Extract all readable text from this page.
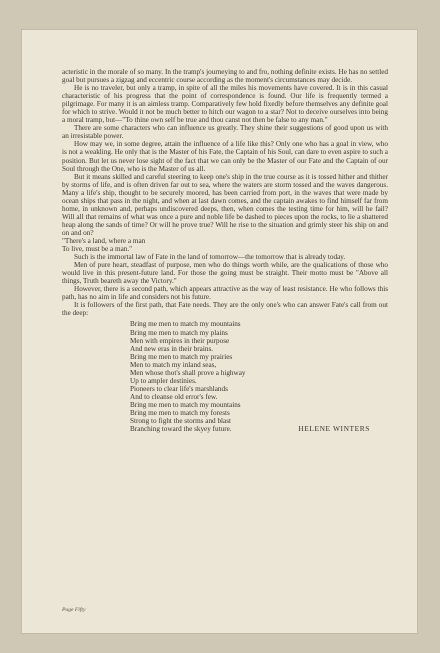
acteristic in the morale of so many. In the tramp's journeying to and fro, nothing definite exists. He has no settled goal but pursues a zigzag and eccentric course according as the moment's circumstances may decide.

He is no traveler, but only a tramp, in spite of all the miles his movements have covered. It is in this casual characteristic of his progress that the point of correspondence is found. Our life is frequently termed a pilgrimage. For many it is an aimless tramp. Comparatively few hold fixedly before themselves any definite goal for which to strive. Would it not be much better to hitch our wagon to a star? Not to deceive ourselves into being a moral tramp, but—"To thine own self be true and thou canst not then be false to any man."

There are some characters who can influence us greatly. They shine their suggestions of good upon us with an irresistable power.

How may we, in some degree, attain the influence of a life like this? Only one who has a goal in view, who is not a weakling. He only that is the Master of his Fate, the Captain of his Soul, can dare to even aspire to such a position. But let us never lose sight of the fact that we can only be the Master of our Fate and the Captain of our Soul through the One, who is the Master of us all.

But it means skilled and careful steering to keep one's ship in the true course as it is tossed hither and thither by storms of life, and is often driven far out to sea, where the waters are storm tossed and the waves dangerous. Many a life's ship, thought to be securely moored, has been carried from port, in the waves that were made by ocean ships that pass in the night, and when at last dawn comes, and the captain awakes to find himself far from home, in unknown and, perhaps undiscovered deeps, then, when comes the testing time for him, will he fail? Will all that remains of what was once a pure and noble life be dashed to pieces upon the rocks, to lie a shattered heap along the sands of time? Or will he prove true? Will he rise to the situation and grimly steer his ship on and on and on?

"There's a land, where a man
To live, must be a man."

Such is the immortal law of Fate in the land of tomorrow—the tomorrow that is already today.

Men of pure heart, steadfast of purpose, men who do things worth while, are the qualications of those who would live in this present-future land. For those the going must be straight. Their motto must be "Above all things, Truth beareth away the Victory."

However, there is a second path, which appears attractive as the way of least resistance. He who follows this path, has no aim in life and considers not his future.

It is followers of the first path, that Fate needs. They are the only one's who can answer Fate's call from out the deep:

Bring me men to match my mountains
Bring me men to match my plains
Men with empires in their purpose
And new eras in their brains.
Bring me men to match my prairies
Men to match my inland seas,
Men whose thot's shall prove a highway
Up to ampler destinies.
Pioneers to clear life's marshlands
And to cleanse old error's few.
Bring me men to match my mountains
Bring me men to match my forests
Strong to fight the storms and blast
Branching toward the skyey future.	HELENE WINTERS
Page Fifty
